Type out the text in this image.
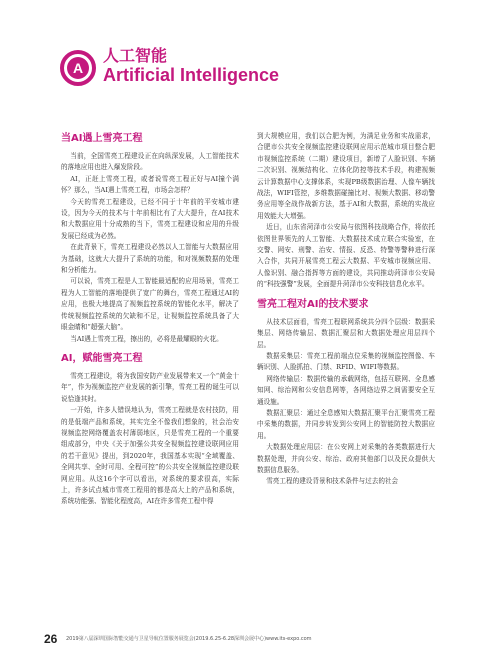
A
人工智能
Artificial Intelligence
当AI遇上雪亮工程

当前，全国雪亮工程建设正在向纵深发展，人工智能技术的落地应用也进入爆发阶段。

AI，正赶上雪亮工程，或者说雪亮工程正好与AI撞个满怀？那么，当AI遇上雪亮工程，市场会怎样？

今天的雪亮工程建设，已经不同于十年前的平安城市建设，因为今天的技术与十年前相比有了大大提升，在AI技术和大数据应用十分成熟的当下，雪亮工程建设和应用的升级发展已经成为必然。

在此背景下，雪亮工程建设必然以人工智能与大数据应用为基础，这就大大提升了系统的功能，和对视频数据的处理和分析能力。

可以说，雪亮工程是人工智能最适配的应用场景，雪亮工程为人工智能的落地提供了宽广的舞台，雪亮工程通过AI的应用，也极大地提高了视频监控系统的智能化水平，解决了传统视频监控系统的欠缺和不足，让视频监控系统具备了大眼金睛和“超强大脑”。

当AI遇上雪亮工程，擦出的，必将是最耀眼的火花。

AI，赋能雪亮工程

雪亮工程建设，将为我国安防产业发展带来又一个“黄金十年”，作为视频监控产业发展的新引擎，雪亮工程的诞生可以说恰逢其时。

一开始，许多人错误地认为，雪亮工程就是农村技防，用的是低端产品和系统，其实完全不像我们想象的，社会治安视频监控网络覆盖农村薄弱地区，只是雪亮工程的一个重要组成部分，中央《关于加强公共安全视频监控建设联网应用的若干意见》提出，到2020年，我国基本实现“全域覆盖、全网共享、全时可用、全程可控”的公共安全视频监控建设联网应用。从这16个字可以看出，对系统的要求很高，实际上，许多试点城市雪亮工程用的都是高大上的产品和系统，系统功能强、智能化程度高，AI在许多雪亮工程中得

到大规模应用，我们以合肥为例，为满足业务和实战需求，合肥市公共安全视频监控建设联网应用示范城市项目整合肥市视频监控系统（二期）建设项目，新增了人脸识别、车辆二次识别、视频结构化、立体化防控等技术手段，构建视频云计算数据中心支撑体系，实现PB级数据治理、人像车辆找战法，WIFI管控，多维数据碰撞比对、视频大数据、移动警务应用等全战作战新方法，基于AI和大数据，系统的实战应用效能大大增强。

近日，山东省菏泽市公安局与依图科技战略合作，将依托依图世界领先的人工智能、大数据技术成立联合实验室，在交警、网安、刑警、治安、情报、反恐、特警等警种进行深入合作，共同开展雪亮工程云大数据、平安城市视频应用、人像识别、融合指挥等方面的建设，共同推动菏泽市公安局的“科技强警”发展，全面提升菏泽市公安科技信息化水平。

雪亮工程对AI的技术要求

从技术层面看，雪亮工程联网系统共分四个层级：数据采集层、网络传输层、数据汇聚层和大数据处理应用层四个层。

数据采集层：雪亮工程前端点位采集的视频监控图像、车辆识别、人脸抓拍、门禁、RFID、WIFI等数据。

网络传输层：数据传输的承载网络，包括互联网、全息感知网、综治网和公安信息网等，各网络边界之间需要安全互通设施。

数据汇聚层：通过全息感知大数据汇聚平台汇聚雪亮工程中采集的数据，并同步转发到公安网上的智能防控大数据应用。

大数据处理应用层：在公安网上对采集的各类数据进行大数据处理，并向公安、综治、政府其他部门以及民众提供大数据信息服务。

雪亮工程的建设背景和技术条件与过去的社会

26 2019第八届深圳国际智能交通与卫星导航位置服务展览会(2019.6.25-6.28深圳会展中心)www.its-expo.com
